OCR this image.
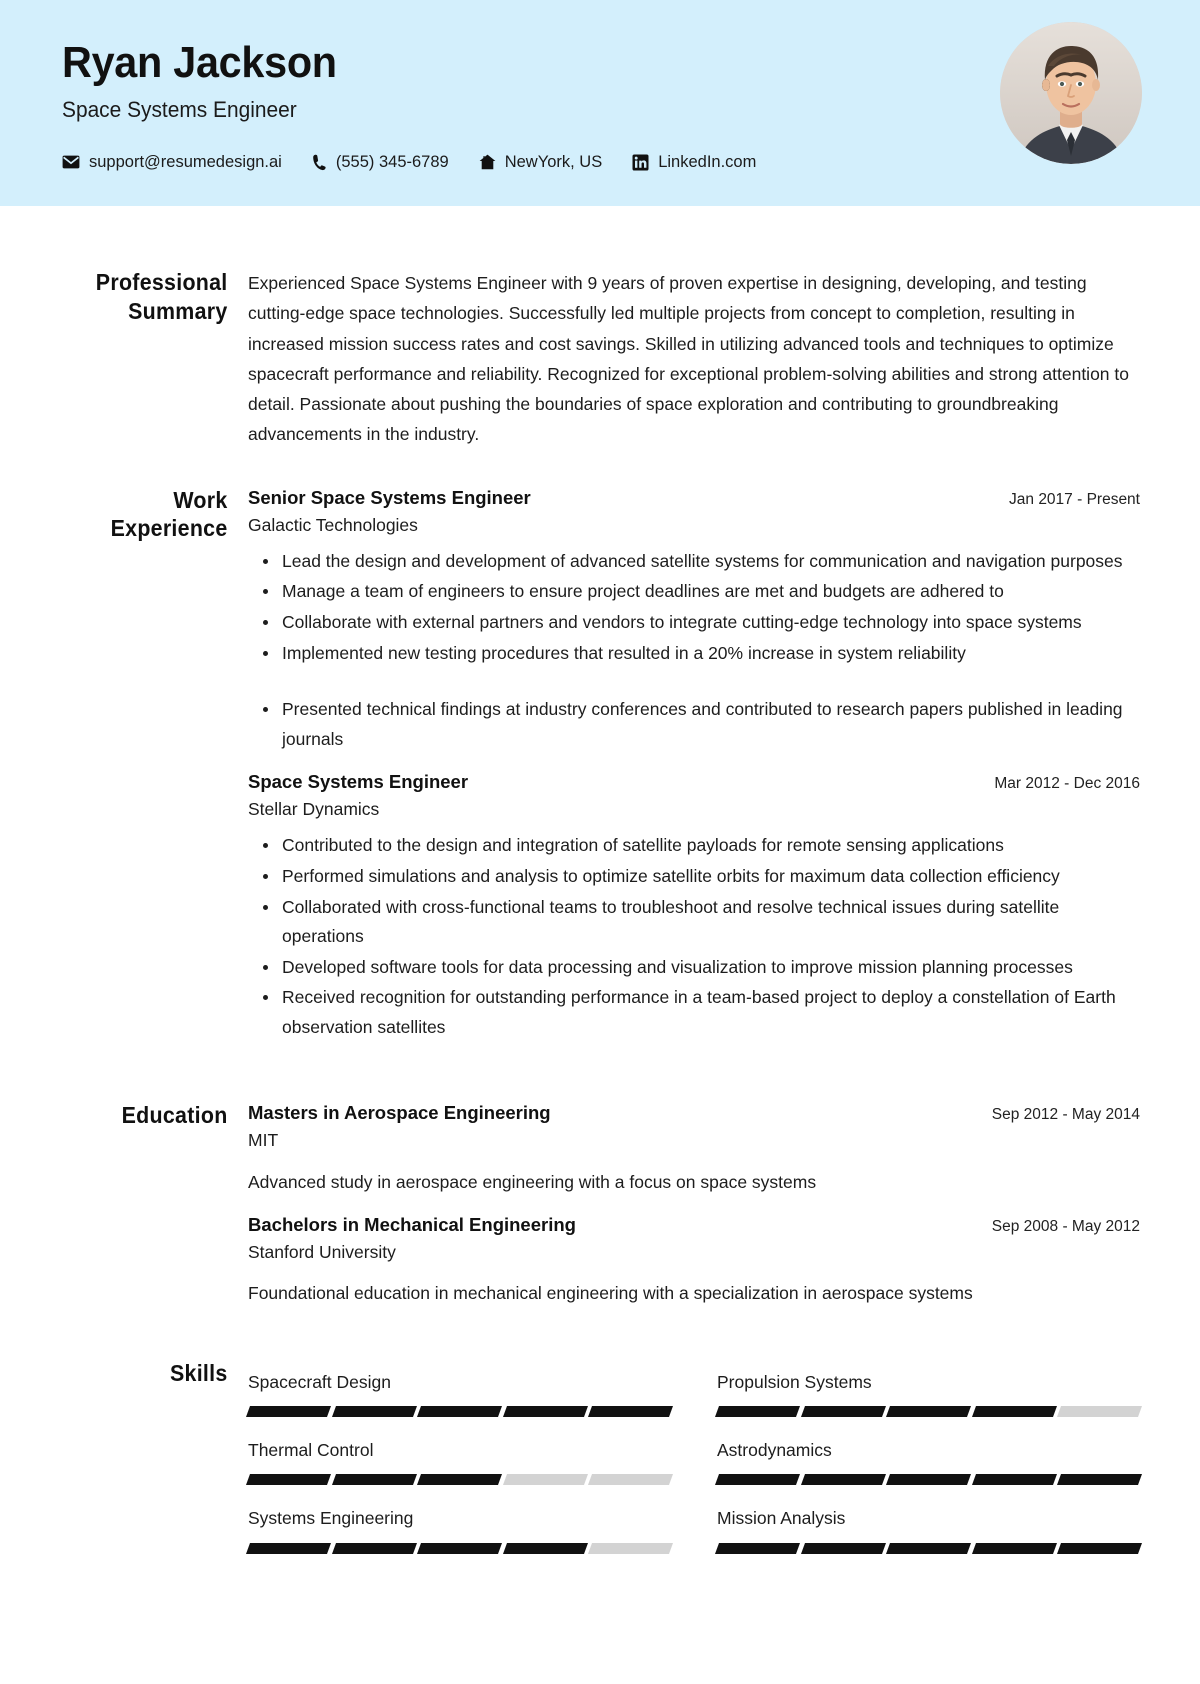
Ryan Jackson
Space Systems Engineer
support@resumedesign.ai	(555) 345-6789	NewYork, US	LinkedIn.com
Professional Summary

Experienced Space Systems Engineer with 9 years of proven expertise in designing, developing, and testing cutting-edge space technologies. Successfully led multiple projects from concept to completion, resulting in increased mission success rates and cost savings. Skilled in utilizing advanced tools and techniques to optimize spacecraft performance and reliability. Recognized for exceptional problem-solving abilities and strong attention to detail. Passionate about pushing the boundaries of space exploration and contributing to groundbreaking advancements in the industry.

Work Experience
Senior Space Systems Engineer	Jan 2017 - Present
Galactic Technologies
Lead the design and development of advanced satellite systems for communication and navigation purposes
Manage a team of engineers to ensure project deadlines are met and budgets are adhered to
Collaborate with external partners and vendors to integrate cutting-edge technology into space systems
Implemented new testing procedures that resulted in a 20% increase in system reliability
Presented technical findings at industry conferences and contributed to research papers published in leading journals
Space Systems Engineer	Mar 2012 - Dec 2016
Stellar Dynamics
Contributed to the design and integration of satellite payloads for remote sensing applications
Performed simulations and analysis to optimize satellite orbits for maximum data collection efficiency
Collaborated with cross-functional teams to troubleshoot and resolve technical issues during satellite operations
Developed software tools for data processing and visualization to improve mission planning processes
Received recognition for outstanding performance in a team-based project to deploy a constellation of Earth observation satellites
Education	Masters in Aerospace Engineering	Sep 2012 - May 2014
MIT
Advanced study in aerospace engineering with a focus on space systems
Bachelors in Mechanical Engineering	Sep 2008 - May 2012
Stanford University
Foundational education in mechanical engineering with a specialization in aerospace systems
Skills	Spacecraft Design	Propulsion Systems
Thermal Control	Astrodynamics
Systems Engineering	Mission Analysis
